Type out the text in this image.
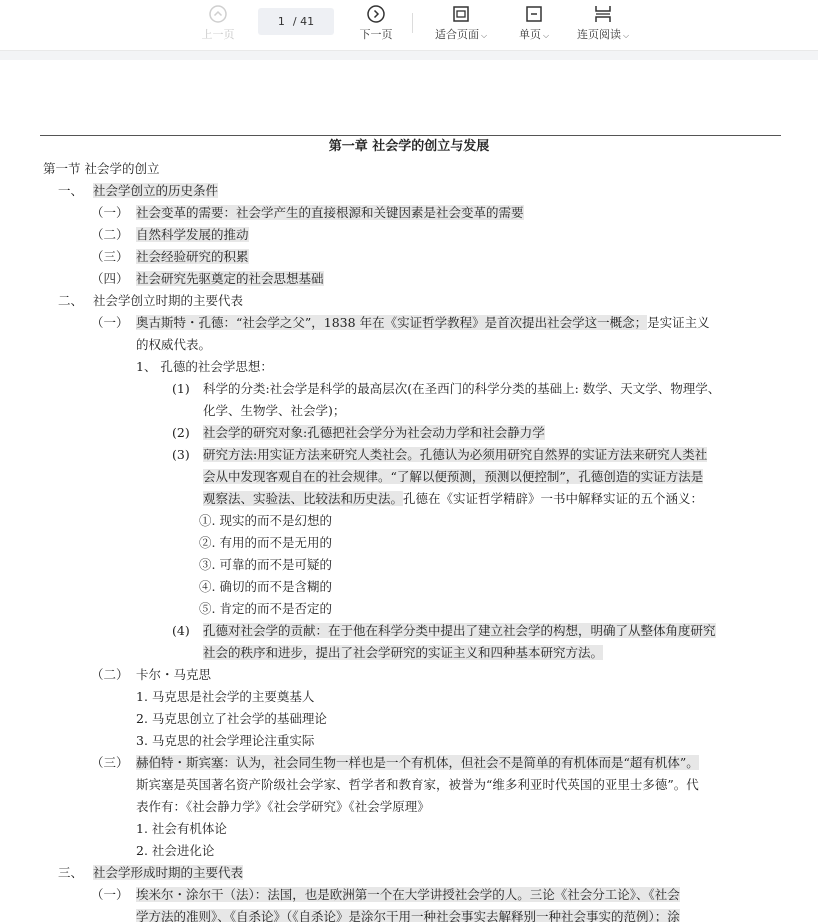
上一页
1 / 41
下一页	适合页面 ⌵	单页 ⌵	连页阅读 ⌵
第一章 社会学的创立与发展
第一节 社会学的创立
一、 社会学创立的历史条件
（一） 社会变革的需要：社会学产生的直接根源和关键因素是社会变革的需要
（二） 自然科学发展的推动
（三） 社会经验研究的积累
（四） 社会研究先驱奠定的社会思想基础
二、 社会学创立时期的主要代表
（一） 奥古斯特・孔德：“社会学之父”，1838 年在《实证哲学教程》是首次提出社会学这一概念；是实证主义
的权威代表。
1、 孔德的社会学思想：
(1) 科学的分类:社会学是科学的最高层次(在圣西门的科学分类的基础上: 数学、天文学、物理学、
化学、生物学、社会学)；
(2) 社会学的研究对象:孔德把社会学分为社会动力学和社会静力学
(3) 研究方法:用实证方法来研究人类社会。孔德认为必须用研究自然界的实证方法来研究人类社
会从中发现客观自在的社会规律。“了解以便预测，预测以便控制”，孔德创造的实证方法是
观察法、实验法、比较法和历史法。孔德在《实证哲学精辟》一书中解释实证的五个涵义：
①. 现实的而不是幻想的
②. 有用的而不是无用的
③. 可靠的而不是可疑的
④. 确切的而不是含糊的
⑤. 肯定的而不是否定的
(4) 孔德对社会学的贡献：在于他在科学分类中提出了建立社会学的构想，明确了从整体角度研究
社会的秩序和进步，提出了社会学研究的实证主义和四种基本研究方法。
（二） 卡尔・马克思
1. 马克思是社会学的主要奠基人
2. 马克思创立了社会学的基础理论
3. 马克思的社会学理论注重实际
（三） 赫伯特・斯宾塞：认为，社会同生物一样也是一个有机体，但社会不是简单的有机体而是“超有机体”。
斯宾塞是英国著名资产阶级社会学家、哲学者和教育家，被誉为“维多利亚时代英国的亚里士多德”。代
表作有：《社会静力学》《社会学研究》《社会学原理》
1. 社会有机体论
2. 社会进化论
三、 社会学形成时期的主要代表
（一） 埃米尔・涂尔干（法）：法国，也是欧洲第一个在大学讲授社会学的人。三论《社会分工论》、《社会
学方法的准则》、《自杀论》（《自杀论》是涂尔干用一种社会事实去解释别一种社会事实的范例）；涂
